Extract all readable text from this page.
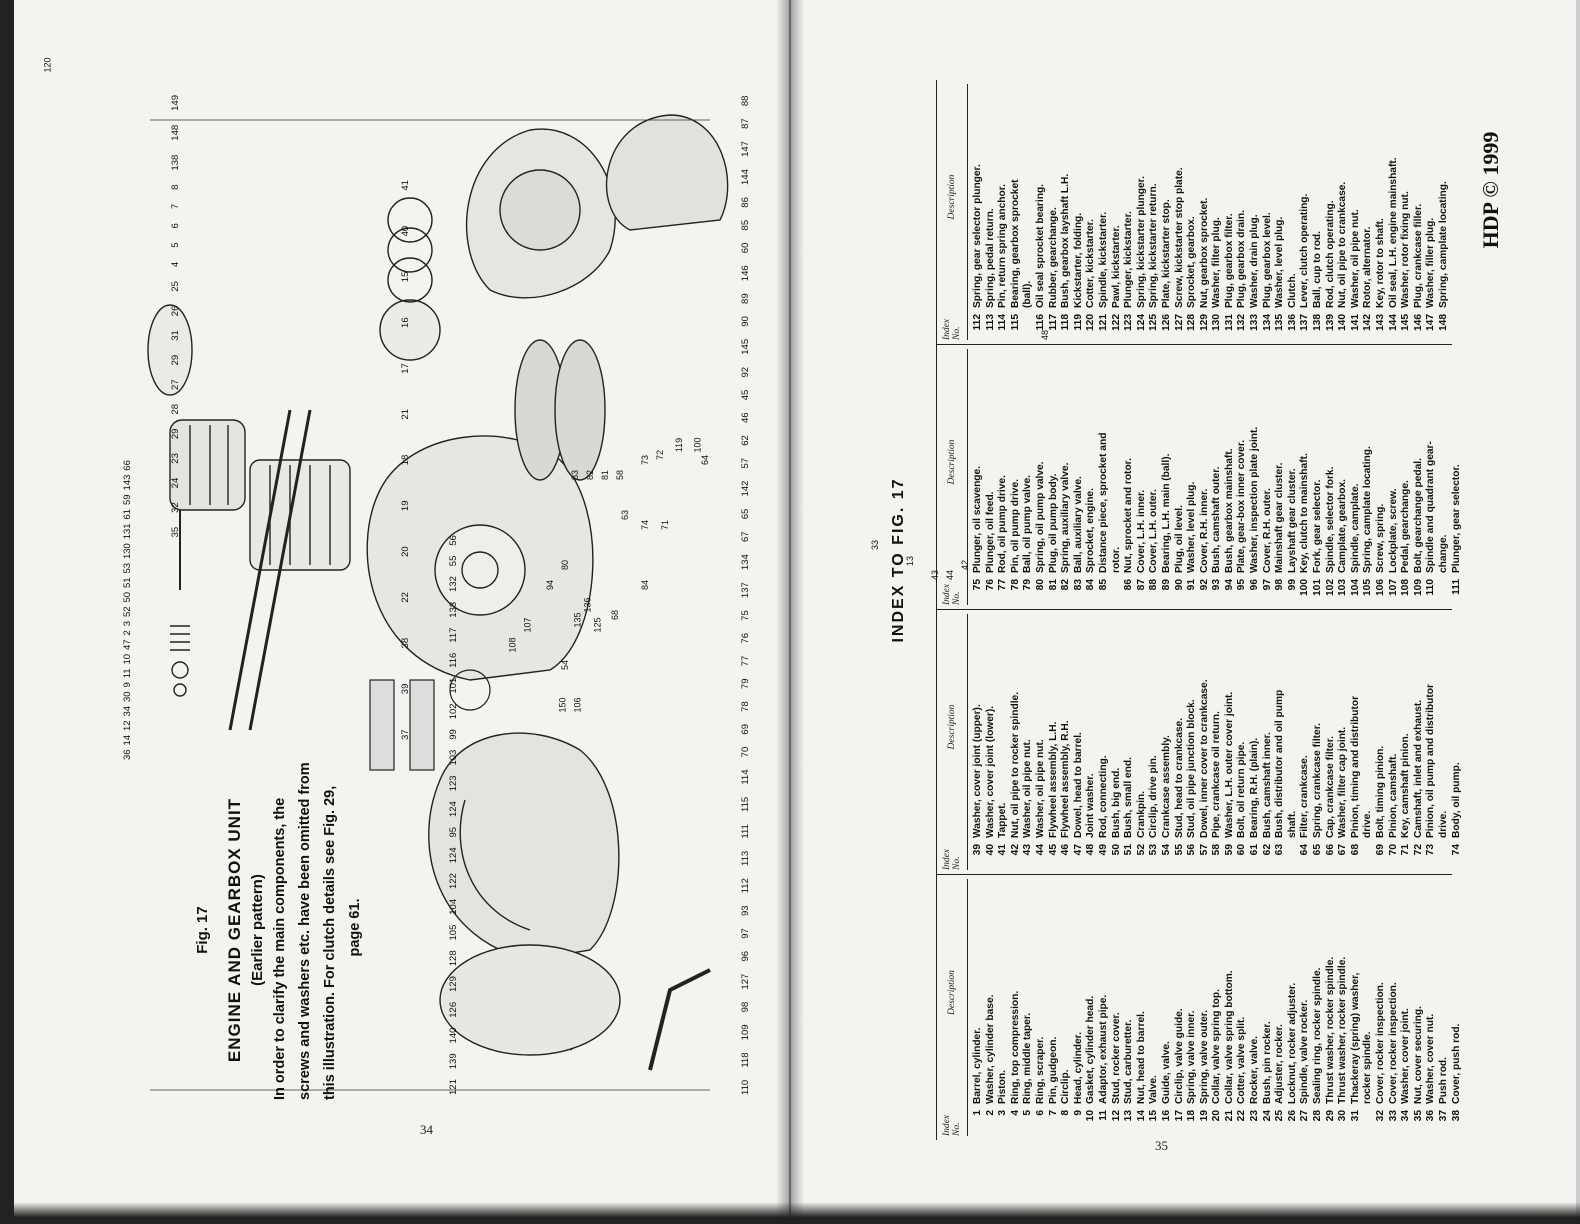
110
118
109
98
127
96
97
93
112
113
111
115
114
70
69
78
79
77
76
75
137
134
67
65
142
57
62
46
45
92
145
90
89
146
60
85
86
144
147
87
88
35
32
24
23
29
28
27
29
31
26
25
4
5
6
7
8
138
148
149
121
139
140
126
129
128
105
104
122
124
95
124
123
103
99
102
101
116
117
133
132
55
56
36
14
12
34
30
9
11
10
47
2
3
52
50
51
53
130
131
61
59
143
66
37
39
38
22
20
19
18
21
17
16
15
40
41
Fig. 17 ENGINE AND GEARBOX UNIT (Earlier pattern) In order to clarify the main components, the screws and washers etc. have been omitted from this illustration. For clutch details see Fig. 29, page 61.
34
INDEX TO FIG. 17
HDP © 1999
Index No.
Description
1
Barrel, cylinder.
2
Washer, cylinder base.
3
Piston.
4
Ring, top compression.
5
Ring, middle taper.
6
Ring, scraper.
7
Pin, gudgeon.
8
Circlip.
9
Head, cylinder.
10
Gasket, cylinder head.
11
Adaptor, exhaust pipe.
12
Stud, rocker cover.
13
Stud, carburetter.
14
Nut, head to barrel.
15
Valve.
16
Guide, valve.
17
Circlip, valve guide.
18
Spring, valve inner.
19
Spring, valve outer.
20
Collar, valve spring top.
21
Collar, valve spring bottom.
22
Cotter, valve split.
23
Rocker, valve.
24
Bush, pin rocker.
25
Adjuster, rocker.
26
Locknut, rocker adjuster.
27
Spindle, valve rocker.
28
Sealing ring, rocker spindle.
29
Thrust washer, rocker spindle.
30
Thrust washer, rocker spindle.
31
Thackeray (spring) washer, rocker spindle.
32
Cover, rocker inspection.
33
Cover, rocker inspection.
34
Washer, cover joint.
35
Nut, cover securing.
36
Washer, cover nut.
37
Push rod.
38
Cover, push rod.
Index No.
Description
39
Washer, cover joint (upper).
40
Washer, cover joint (lower).
41
Tappet.
42
Nut, oil pipe to rocker spindle.
43
Washer, oil pipe nut.
44
Washer, oil pipe nut.
45
Flywheel assembly, L.H.
46
Flywheel assembly, R.H.
47
Dowel, head to barrel.
48
Joint washer.
49
Rod, connecting.
50
Bush, big end.
51
Bush, small end.
52
Crankpin.
53
Circlip, drive pin.
54
Crankcase assembly.
55
Stud, head to crankcase.
56
Stud, oil pipe junction block.
57
Dowel, inner cover to crankcase.
58
Pipe, crankcase oil return.
59
Washer, L.H. outer cover joint.
60
Bolt, oil return pipe.
61
Bearing, R.H. (plain).
62
Bush, camshaft inner.
63
Bush, distributor and oil pump shaft.
64
Filter, crankcase.
65
Spring, crankcase filter.
66
Cap, crankcase filter.
67
Washer, filter cap joint.
68
Pinion, timing and distributor drive.
69
Bolt, timing pinion.
70
Pinion, camshaft.
71
Key, camshaft pinion.
72
Camshaft, inlet and exhaust.
73
Pinion, oil pump and distributor drive.
74
Body, oil pump.
Index No.
Description
75
Plunger, oil scavenge.
76
Plunger, oil feed.
77
Rod, oil pump drive.
78
Pin, oil pump drive.
79
Ball, oil pump valve.
80
Spring, oil pump valve.
81
Plug, oil pump body.
82
Spring, auxiliary valve.
83
Ball, auxiliary valve.
84
Sprocket, engine.
85
Distance piece, sprocket and rotor.
86
Nut, sprocket and rotor.
87
Cover, L.H. inner.
88
Cover, L.H. outer.
89
Bearing, L.H. main (ball).
90
Plug, oil level.
91
Washer, level plug.
92
Cover, R.H. inner.
93
Bush, camshaft outer.
94
Bush, gearbox mainshaft.
95
Plate, gear-box inner cover.
96
Washer, inspection plate joint.
97
Cover, R.H. outer.
98
Mainshaft gear cluster.
99
Layshaft gear cluster.
100
Key, clutch to mainshaft.
101
Fork, gear selector.
102
Spindle, selector fork.
103
Camplate, gearbox.
104
Spindle, camplate.
105
Spring, camplate locating.
106
Screw, spring.
107
Lockplate, screw.
108
Pedal, gearchange.
109
Bolt, gearchange pedal.
110
Spindle and quadrant gear- change.
111
Plunger, gear selector.
Index No.
Description
112
Spring, gear selector plunger.
113
Spring, pedal return.
114
Pin, return spring anchor.
115
Bearing, gearbox sprocket (ball).
116
Oil seal sprocket bearing.
117
Rubber, gearchange.
118
Bush, gearbox layshaft L.H.
119
Kickstarter, folding.
120
Cotter, kickstarter.
121
Spindle, kickstarter.
122
Pawl, kickstarter.
123
Plunger, kickstarter.
124
Spring, kickstarter plunger.
125
Spring, kickstarter return.
126
Plate, kickstarter stop.
127
Screw, kickstarter stop plate.
128
Sprocket, gearbox.
129
Nut, gearbox sprocket.
130
Washer, filter plug.
131
Plug, gearbox filter.
132
Plug, gearbox drain.
133
Washer, drain plug.
134
Plug, gearbox level.
135
Washer, level plug.
136
Clutch.
137
Lever, clutch operating.
138
Ball, cup to rod.
139
Rod, clutch operating.
140
Nut, oil pipe to crankcase.
141
Washer, oil pipe nut.
142
Rotor, alternator.
143
Key, rotor to shaft.
144
Oil seal, L.H. engine mainshaft.
145
Washer, rotor fixing nut.
146
Plug, crankcase filler.
147
Washer, filler plug.
148
Spring, camplate locating.
35
120
48
42
44
43
13
33
100
119
72
73	64
71
74
63
58
81
82
83
84
80
54
106
150
107
108
94
125
135
136
68
